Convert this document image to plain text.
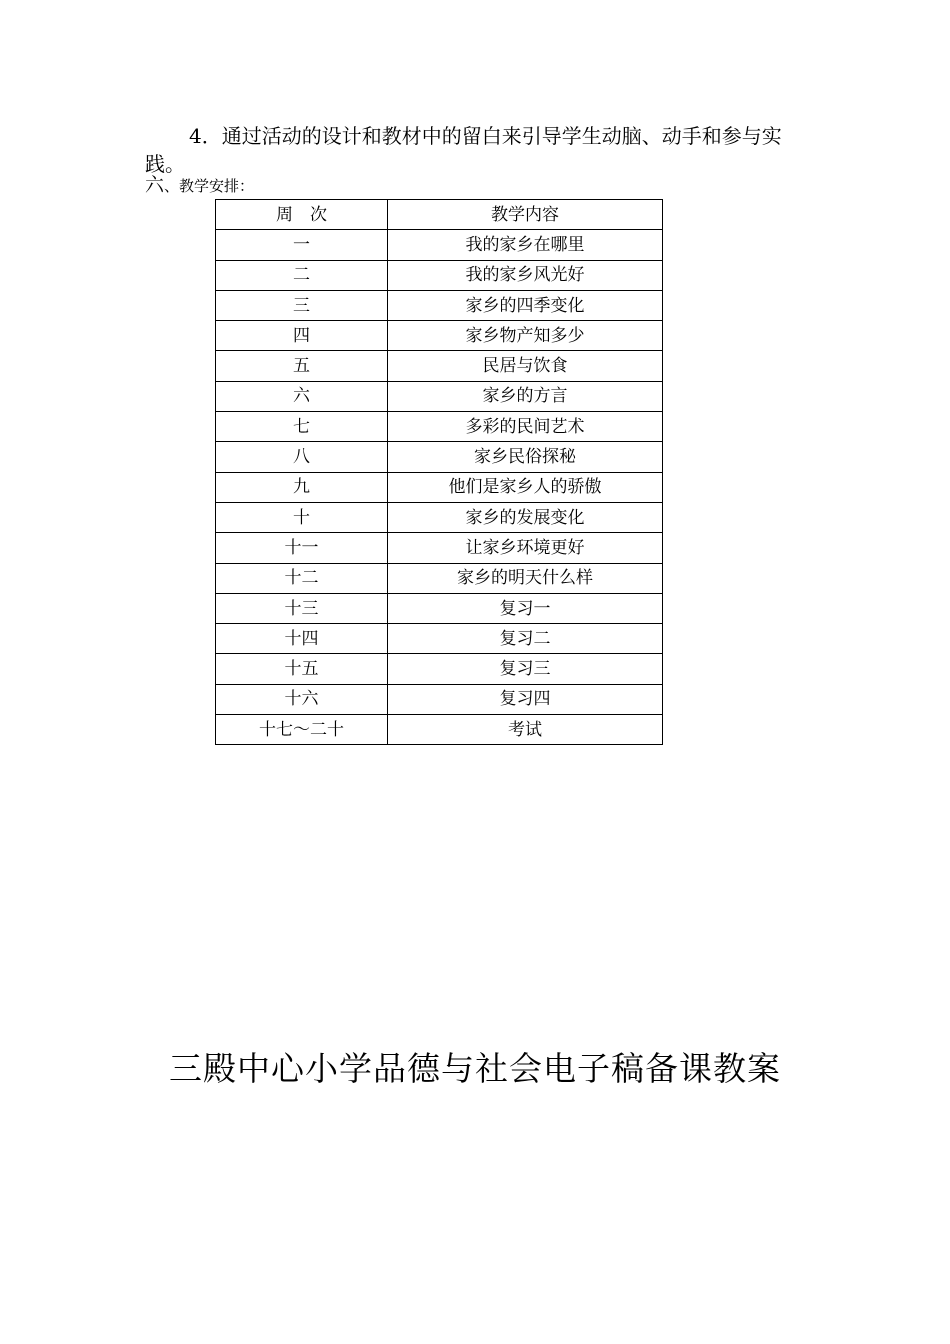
4．通过活动的设计和教材中的留白来引导学生动脑、动手和参与实践。

六、教学安排：

周　次	教学内容
一	我的家乡在哪里
二	我的家乡风光好
三	家乡的四季变化
四	家乡物产知多少
五	民居与饮食
六	家乡的方言
七	多彩的民间艺术
八	家乡民俗探秘
九	他们是家乡人的骄傲
十	家乡的发展变化
十一	让家乡环境更好
十二	家乡的明天什么样
十三	复习一
十四	复习二
十五	复习三
十六	复习四
十七～二十	考试
三殿中心小学品德与社会电子稿备课教案
